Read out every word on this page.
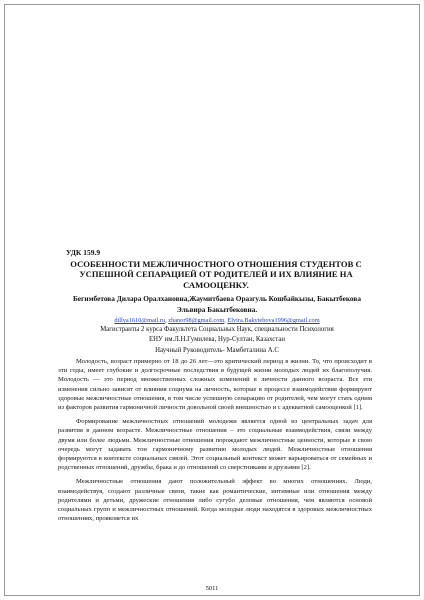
УДК 159.9

ОСОБЕННОСТИ МЕЖЛИЧНОСТНОГО ОТНОШЕНИЯ СТУДЕНТОВ С УСПЕШНОЙ СЕПАРАЦИЕЙ ОТ РОДИТЕЛЕЙ И ИХ ВЛИЯНИЕ НА САМООЦЕНКУ.

Бегимбетова Дилара Оралхановна,Жаумитбаева Оразгуль Кошбайкызы, Бакытбекова Эльвира Бакытбековна.

dillya1610@mail.ru, zhanor98@gmail.com, Elvira.Bakytebova1996@gmail.com

Магистранты 2 курса Факультета Социальных Наук, специальности Психология
ЕНУ им.Л.Н.Гумилева, Нур-Султан, Казахстан

Научный Руководитель- Мамбеталина А.С

Молодость, возраст примерно от 18 до 26 лет—это критический период в жизни. То, что происходит в эти годы, имеет глубокие и долгосрочные последствия в будущей жизни молодых людей их благополучия. Молодость — это период множественных сложных изменений в личности данного возраста. Все эти изменения сильно зависят от влияния социума на личность, которые в процессе взаимодействия формируют здоровые межличностные отношения, в том числе успешную сепарацию от родителей, чем могут стать одним из факторов развития гармоничной личности довольной своей внешностью и с адекватной самооценкой [1].

Формирование межличностных отношений молодежи является одной из центральных задач для развития в данном возрасте. Межличностные отношения – это социальные взаимодействия, связи между двумя или более людьми. Межличностные отношения порождают межличностные ценности, которые в свою очередь могут задавать тон гармоничному развитию молодых людей. Межличностные отношения формируются в контексте социальных связей. Этот социальный контекст может варьироваться от семейных и родственных отношений, дружбы, брака и до отношений со сверстниками и друзьями [2].

Межличностные отношения дают положительный эффект во многих отношениях. Люди, взаимодействуя, создают различные связи, такие как романтические, интимные или отношения между родителями и детьми, дружеские отношения либо сугубо деловые отношения, чем являются основой социальных групп и межличностных отношений. Когда молодые люди находятся в здоровых межличностных отношениях, проявляется их

5011
